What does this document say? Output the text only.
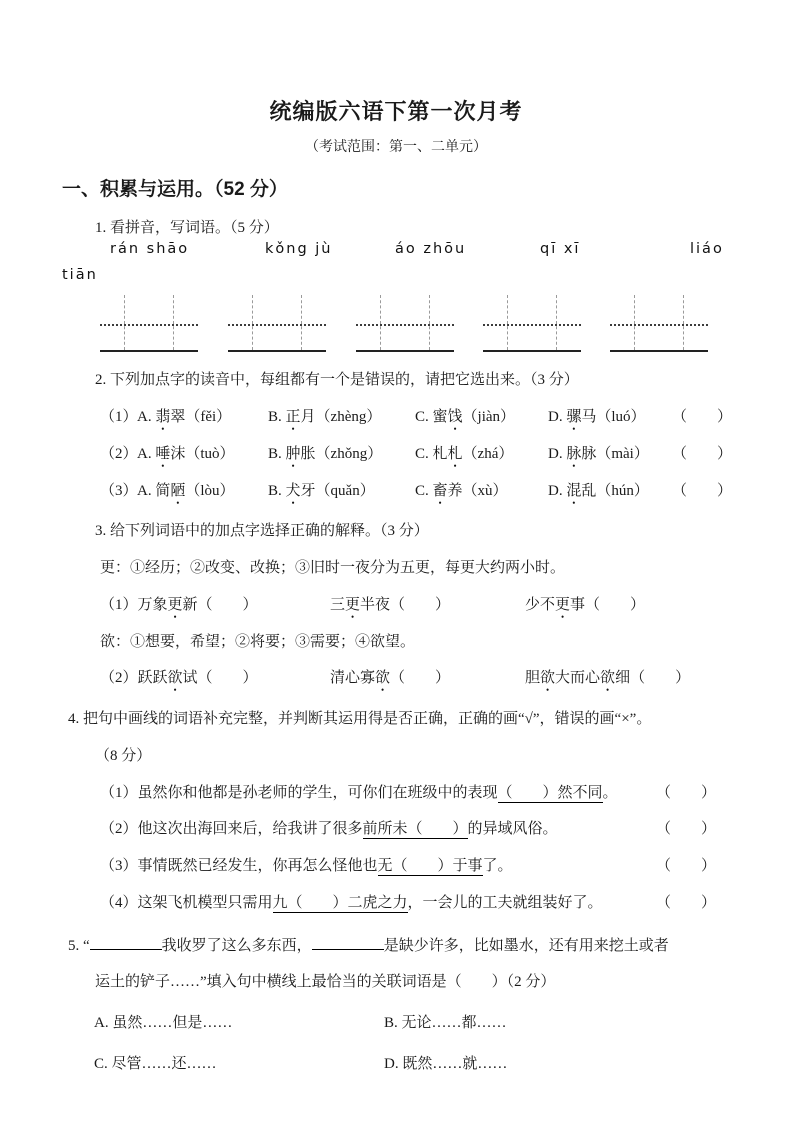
统编版六语下第一次月考
（考试范围：第一、二单元）
一、积累与运用。（52 分）
1. 看拼音，写词语。（5 分）
rán shāo	kǒng jù	áo zhōu	qī xī	liáo
tiān
2. 下列加点字的读音中，每组都有一个是错误的，请把它选出来。（3 分）
（1） A. 翡翠（fěi）	B. 正月（zhèng）	C. 蜜饯（jiàn）	D. 骡马（luó）	（　　）
（2） A. 唾沫（tuò）	B. 肿胀（zhǒng）	C. 札札（zhá）	D. 脉脉（mài）	（　　）
（3） A. 简陋（lòu）	B. 犬牙（quǎn）	C. 畜养（xù）	D. 混乱（hún）	（　　）
3. 给下列词语中的加点字选择正确的解释。（3 分）
更：①经历；②改变、改换；③旧时一夜分为五更，每更大约两小时。
（1）万象更新（　　）	三更半夜（　　）	少不更事（　　）
欲：①想要，希望；②将要；③需要；④欲望。
（2）跃跃欲试（　　）	清心寡欲（　　）	胆欲大而心欲细（　　）
4. 把句中画线的词语补充完整，并判断其运用得是否正确，正确的画“√”，错误的画“×”。
（8 分）
（1）虽然你和他都是孙老师的学生，可你们在班级中的表现（　　）然不同。	（　　）
（2）他这次出海回来后，给我讲了很多前所未（　　）的异域风俗。	（　　）
（3）事情既然已经发生，你再怎么怪他也无（　　）于事了。	（　　）
（4）这架飞机模型只需用九（　　）二虎之力，一会儿的工夫就组装好了。	（　　）
5. “	我收罗了这么多东西，	是缺少许多，比如墨水，还有用来挖土或者
运土的铲子……”填入句中横线上最恰当的关联词语是（　　）（2 分）
A. 虽然……但是……	B. 无论……都……
C. 尽管……还……	D. 既然……就……
